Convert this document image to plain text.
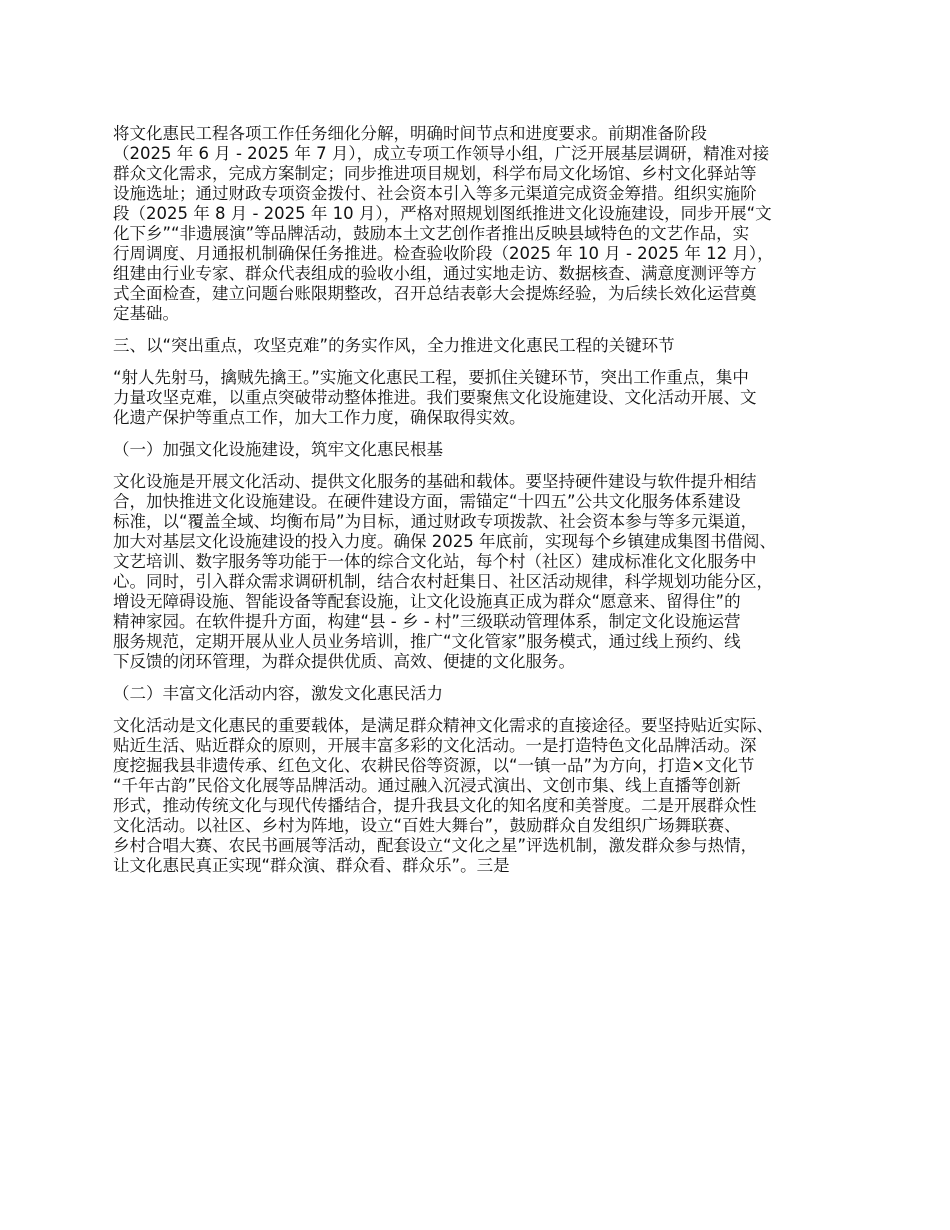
将文化惠民工程各项工作任务细化分解，明确时间节点和进度要求。前期准备阶段

（2025 年 6 月 - 2025 年 7 月），成立专项工作领导小组，广泛开展基层调研，精准对接

群众文化需求，完成方案制定；同步推进项目规划，科学布局文化场馆、乡村文化驿站等

设施选址；通过财政专项资金拨付、社会资本引入等多元渠道完成资金筹措。组织实施阶

段（2025 年 8 月 - 2025 年 10 月），严格对照规划图纸推进文化设施建设，同步开展“文

化下乡”“非遗展演”等品牌活动，鼓励本土文艺创作者推出反映县域特色的文艺作品，实

行周调度、月通报机制确保任务推进。检查验收阶段（2025 年 10 月 - 2025 年 12 月），

组建由行业专家、群众代表组成的验收小组，通过实地走访、数据核查、满意度测评等方

式全面检查，建立问题台账限期整改，召开总结表彰大会提炼经验，为后续长效化运营奠

定基础。

三、以“突出重点，攻坚克难”的务实作风，全力推进文化惠民工程的关键环节

“射人先射马，擒贼先擒王。”实施文化惠民工程，要抓住关键环节，突出工作重点，集中

力量攻坚克难，以重点突破带动整体推进。我们要聚焦文化设施建设、文化活动开展、文

化遗产保护等重点工作，加大工作力度，确保取得实效。

（一）加强文化设施建设，筑牢文化惠民根基

文化设施是开展文化活动、提供文化服务的基础和载体。要坚持硬件建设与软件提升相结

合，加快推进文化设施建设。在硬件建设方面，需锚定“十四五”公共文化服务体系建设

标准，以“覆盖全域、均衡布局”为目标，通过财政专项拨款、社会资本参与等多元渠道，

加大对基层文化设施建设的投入力度。确保 2025 年底前，实现每个乡镇建成集图书借阅、

文艺培训、数字服务等功能于一体的综合文化站，每个村（社区）建成标准化文化服务中

心。同时，引入群众需求调研机制，结合农村赶集日、社区活动规律，科学规划功能分区，

增设无障碍设施、智能设备等配套设施，让文化设施真正成为群众“愿意来、留得住”的

精神家园。在软件提升方面，构建“县 - 乡 - 村”三级联动管理体系，制定文化设施运营

服务规范，定期开展从业人员业务培训，推广“文化管家”服务模式，通过线上预约、线

下反馈的闭环管理，为群众提供优质、高效、便捷的文化服务。

（二）丰富文化活动内容，激发文化惠民活力

文化活动是文化惠民的重要载体，是满足群众精神文化需求的直接途径。要坚持贴近实际、

贴近生活、贴近群众的原则，开展丰富多彩的文化活动。一是打造特色文化品牌活动。深

度挖掘我县非遗传承、红色文化、农耕民俗等资源，以“一镇一品”为方向，打造×文化节

“千年古韵”民俗文化展等品牌活动。通过融入沉浸式演出、文创市集、线上直播等创新

形式，推动传统文化与现代传播结合，提升我县文化的知名度和美誉度。二是开展群众性

文化活动。以社区、乡村为阵地，设立“百姓大舞台”，鼓励群众自发组织广场舞联赛、

乡村合唱大赛、农民书画展等活动，配套设立“文化之星”评选机制，激发群众参与热情，

让文化惠民真正实现“群众演、群众看、群众乐”。三是
